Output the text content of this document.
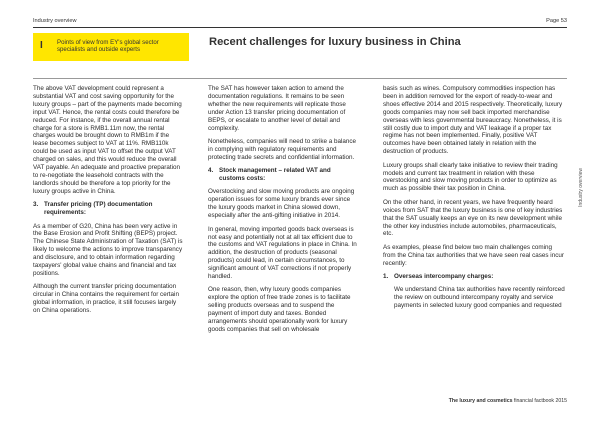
Industry overview	Page 53
I Points of view from EY's global sector specialists and outside experts
Recent challenges for luxury business in China

The above VAT development could represent a substantial VAT and cost saving opportunity for the luxury groups – part of the payments made becoming input VAT. Hence, the rental costs could therefore be reduced. For instance, if the overall annual rental charge for a store is RMB1.11m now, the rental charges would be brought down to RMB1m if the lease becomes subject to VAT at 11%. RMB110k could be used as input VAT to offset the output VAT charged on sales, and this would reduce the overall VAT payable. An adequate and proactive preparation to re-negotiate the leasehold contracts with the landlords should be therefore a top priority for the luxury groups active in China.

3. Transfer pricing (TP) documentation requirements:

As a member of G20, China has been very active in the Base Erosion and Profit Shifting (BEPS) project. The Chinese State Administration of Taxation (SAT) is likely to welcome the actions to improve transparency and disclosure, and to obtain information regarding taxpayers' global value chains and financial and tax positions.

Although the current transfer pricing documentation circular in China contains the requirement for certain global information, in practice, it still focuses largely on China operations.

The SAT has however taken action to amend the documentation regulations. It remains to be seen whether the new requirements will replicate those under Action 13 transfer pricing documentation of BEPS, or escalate to another level of detail and complexity.

Nonetheless, companies will need to strike a balance in complying with regulatory requirements and protecting trade secrets and confidential information.

4. Stock management – related VAT and customs costs:

Overstocking and slow moving products are ongoing operation issues for some luxury brands ever since the luxury goods market in China slowed down, especially after the anti-gifting initiative in 2014.

In general, moving imported goods back overseas is not easy and potentially not at all tax efficient due to the customs and VAT regulations in place in China. In addition, the destruction of products (seasonal products) could lead, in certain circumstances, to significant amount of VAT corrections if not properly handled.

One reason, then, why luxury goods companies explore the option of free trade zones is to facilitate selling products overseas and to suspend the payment of import duty and taxes. Bonded arrangements should operationally work for luxury goods companies that sell on wholesale

basis such as wines. Compulsory commodities inspection has been in addition removed for the export of ready-to-wear and shoes effective 2014 and 2015 respectively. Theoretically, luxury goods companies may now sell back imported merchandise overseas with less governmental bureaucracy. Nonetheless, it is still costly due to import duty and VAT leakage if a proper tax regime has not been implemented. Finally, positive VAT outcomes have been obtained lately in relation with the destruction of products.

Luxury groups shall clearly take initiative to review their trading models and current tax treatment in relation with these overstocking and slow moving products in order to optimize as much as possible their tax position in China.

On the other hand, in recent years, we have frequently heard voices from SAT that the luxury business is one of key industries that the SAT usually keeps an eye on its new development while the other key industries include automobiles, pharmaceuticals, etc.

As examples, please find below two main challenges coming from the China tax authorities that we have seen real cases incur recently:

1. Overseas intercompany charges:
We understand China tax authorities have recently reinforced the review on outbound intercompany royalty and service payments in selected luxury good companies and requested
Industry overview
The luxury and cosmetics financial factbook 2015
